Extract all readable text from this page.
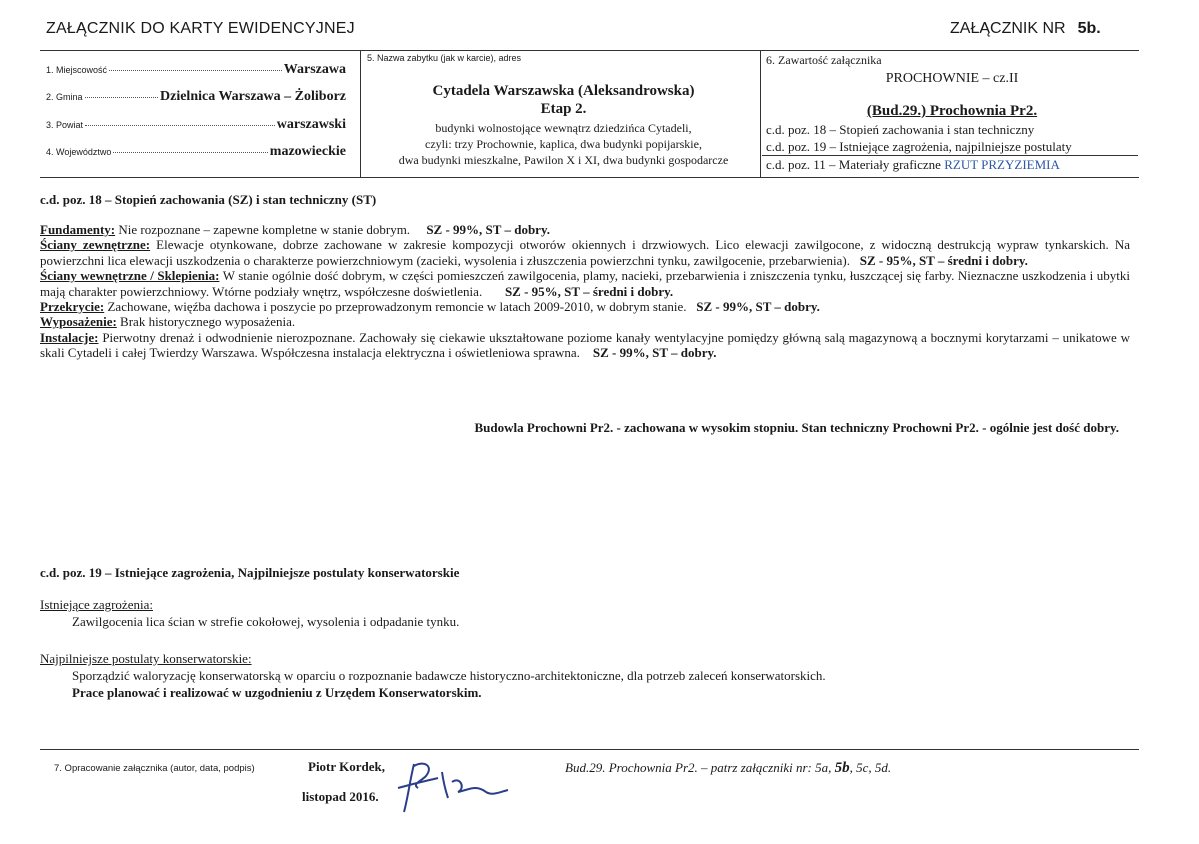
ZAŁĄCZNIK DO KARTY EWIDENCYJNEJ	ZAŁĄCZNIK NR 5b.
1. Miejscowość	Warszawa
2. Gmina	Dzielnica Warszawa – Żoliborz
3. Powiat	warszawski
4. Województwo	mazowieckie
5. Nazwa zabytku (jak w karcie), adres
Cytadela Warszawska (Aleksandrowska)
Etap 2.
budynki wolnostojące wewnątrz dziedzińca Cytadeli,
czyli: trzy Prochownie, kaplica, dwa budynki popijarskie,
dwa budynki mieszkalne, Pawilon X i XI, dwa budynki gospodarcze
6. Zawartość załącznika
PROCHOWNIE – cz.II
(Bud.29.) Prochownia Pr2.
c.d. poz. 18 – Stopień zachowania i stan techniczny
c.d. poz. 19 – Istniejące zagrożenia, najpilniejsze postulaty
c.d. poz. 11 – Materiały graficzne RZUT PRZYZIEMIA
c.d. poz. 18 – Stopień zachowania (SZ) i stan techniczny (ST)

Fundamenty: Nie rozpoznane – zapewne kompletne w stanie dobrym. SZ - 99%, ST – dobry.

Ściany zewnętrzne: Elewacje otynkowane, dobrze zachowane w zakresie kompozycji otworów okiennych i drzwiowych. Lico elewacji zawilgocone, z widoczną destrukcją wypraw tynkarskich. Na powierzchni lica elewacji uszkodzenia o charakterze powierzchniowym (zacieki, wysolenia i złuszczenia powierzchni tynku, zawilgocenie, przebarwienia). SZ - 95%, ST – średni i dobry.

Ściany wewnętrzne / Sklepienia: W stanie ogólnie dość dobrym, w części pomieszczeń zawilgocenia, plamy, nacieki, przebarwienia i zniszczenia tynku, łuszczącej się farby. Nieznaczne uszkodzenia i ubytki mają charakter powierzchniowy. Wtórne podziały wnętrz, współczesne doświetlenia. SZ - 95%, ST – średni i dobry.

Przekrycie: Zachowane, więźba dachowa i poszycie po przeprowadzonym remoncie w latach 2009-2010, w dobrym stanie. SZ - 99%, ST – dobry.

Wyposażenie: Brak historycznego wyposażenia.

Instalacje: Pierwotny drenaż i odwodnienie nierozpoznane. Zachowały się ciekawie ukształtowane poziome kanały wentylacyjne pomiędzy główną salą magazynową a bocznymi korytarzami – unikatowe w skali Cytadeli i całej Twierdzy Warszawa. Współczesna instalacja elektryczna i oświetleniowa sprawna. SZ - 99%, ST – dobry.

Budowla Prochowni Pr2. - zachowana w wysokim stopniu. Stan techniczny Prochowni Pr2. - ogólnie jest dość dobry.
c.d. poz. 19 – Istniejące zagrożenia, Najpilniejsze postulaty konserwatorskie
Istniejące zagrożenia:
Zawilgocenia lica ścian w strefie cokołowej, wysolenia i odpadanie tynku.
Najpilniejsze postulaty konserwatorskie:
Sporządzić waloryzację konserwatorską w oparciu o rozpoznanie badawcze historyczno-architektoniczne, dla potrzeb zaleceń konserwatorskich.
Prace planować i realizować w uzgodnieniu z Urzędem Konserwatorskim.
7. Opracowanie załącznika (autor, data, podpis)	Piotr Kordek,
listopad 2016.
Bud.29. Prochownia Pr2. – patrz załączniki nr: 5a, 5b, 5c, 5d.
